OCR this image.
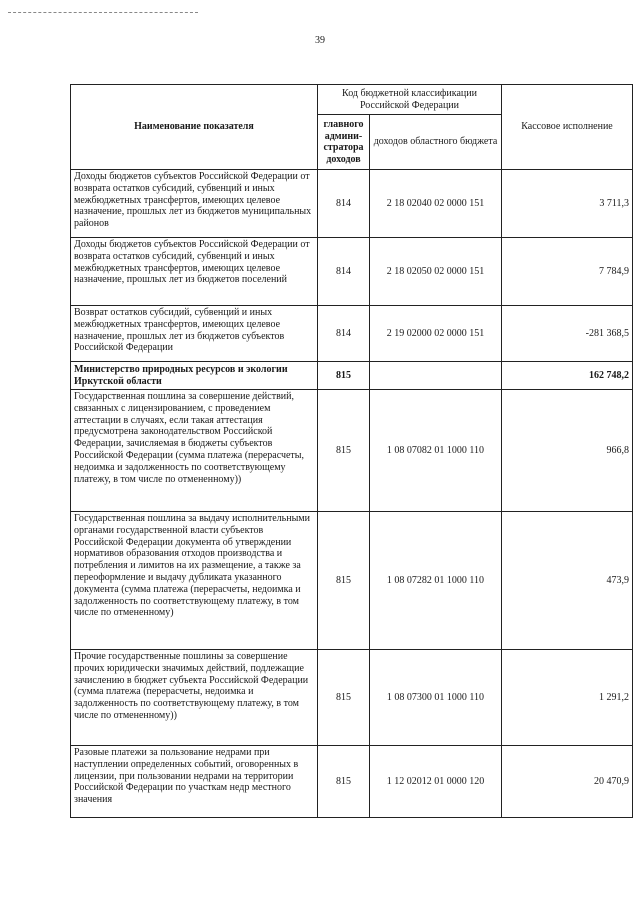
39
Наименование показателя	Код бюджетной классификации Российской Федерации		Кассовое исполнение
	главного админи-стратора доходов	доходов областного бюджета	
Доходы бюджетов субъектов Российской Федерации от возврата остатков субсидий, субвенций и иных межбюджетных трансфертов, имеющих целевое назначение, прошлых лет из бюджетов муниципальных районов	814	2 18 02040 02 0000 151	3 711,3
Доходы бюджетов субъектов Российской Федерации от возврата остатков субсидий, субвенций и иных межбюджетных трансфертов, имеющих целевое назначение, прошлых лет из бюджетов поселений	814	2 18 02050 02 0000 151	7 784,9
Возврат остатков субсидий, субвенций и иных межбюджетных трансфертов, имеющих целевое назначение, прошлых лет из бюджетов субъектов Российской Федерации	814	2 19 02000 02 0000 151	-281 368,5
Министерство природных ресурсов и экологии Иркутской области	815		162 748,2
Государственная пошлина за совершение действий, связанных с лицензированием, с проведением аттестации в случаях, если такая аттестация предусмотрена законодательством Российской Федерации, зачисляемая в бюджеты субъектов Российской Федерации (сумма платежа (перерасчеты, недоимка и задолженность по соответствующему платежу, в том числе по отмененному))	815	1 08 07082 01 1000 110	966,8
Государственная пошлина за выдачу исполнительными органами государственной власти субъектов Российской Федерации документа об утверждении нормативов образования отходов производства и потребления и лимитов на их размещение, а также за переоформление и выдачу дубликата указанного документа (сумма платежа (перерасчеты, недоимка и задолженность по соответствующему платежу, в том числе по отмененному)	815	1 08 07282 01 1000 110	473,9
Прочие государственные пошлины за совершение прочих юридически значимых действий, подлежащие зачислению в бюджет субъекта Российской Федерации (сумма платежа (перерасчеты, недоимка и задолженность по соответствующему платежу, в том числе по отмененному))	815	1 08 07300 01 1000 110	1 291,2
Разовые платежи за пользование недрами при наступлении определенных событий, оговоренных в лицензии, при пользовании недрами на территории Российской Федерации по участкам недр местного значения	815	1 12 02012 01 0000 120	20 470,9
